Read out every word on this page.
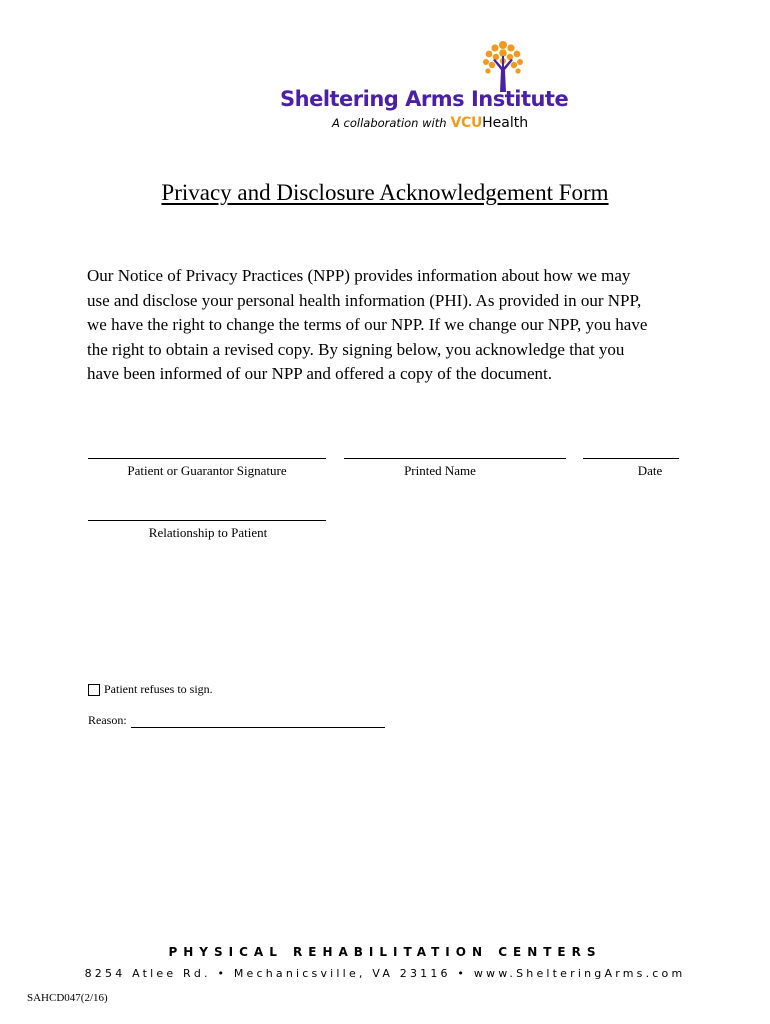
Sheltering Arms Institute
A collaboration with VCUHealth
Privacy and Disclosure Acknowledgement Form
Our Notice of Privacy Practices (NPP) provides information about how we may
use and disclose your personal health information (PHI). As provided in our NPP,
we have the right to change the terms of our NPP. If we change our NPP, you have
the right to obtain a revised copy. By signing below, you acknowledge that you
have been informed of our NPP and offered a copy of the document.
Patient or Guarantor Signature	Printed Name	Date
Relationship to Patient
Patient refuses to sign.
Reason:
PHYSICAL REHABILITATION CENTERS
8254 Atlee Rd. • Mechanicsville, VA 23116 • www.ShelteringArms.com
SAHCD047(2/16)
